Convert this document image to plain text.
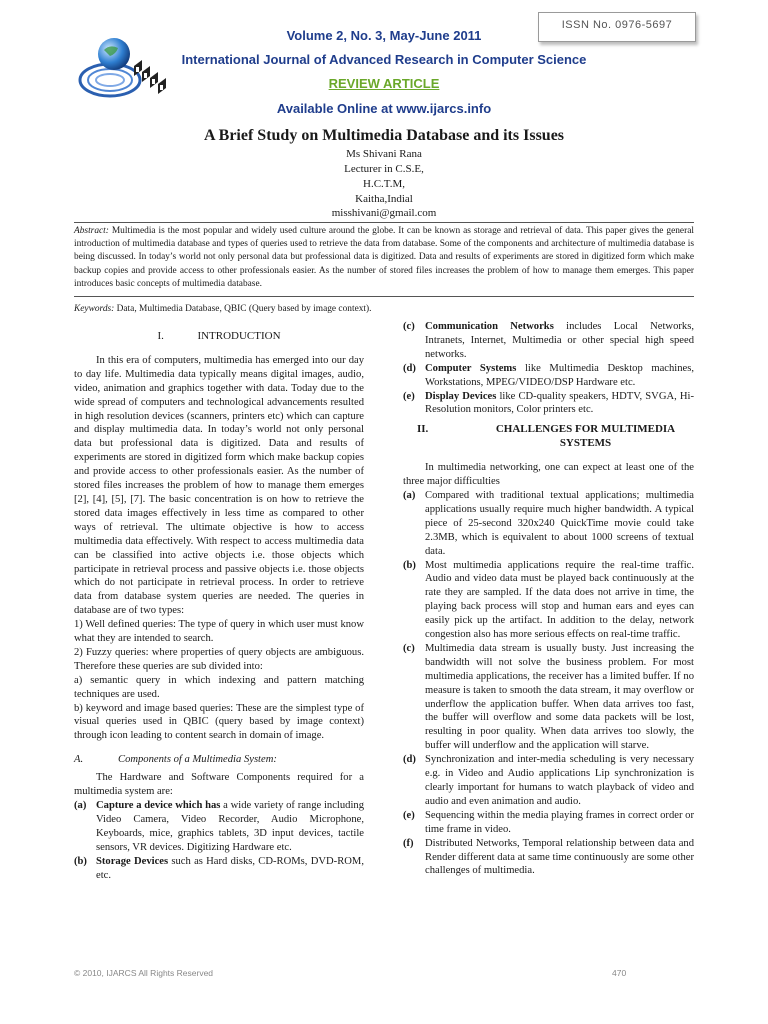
ISSN No. 0976-5697
Volume 2, No. 3, May-June 2011
International Journal of Advanced Research in Computer Science
REVIEW ARTICLE
Available Online at www.ijarcs.info
A Brief Study on Multimedia Database and its Issues
Ms Shivani Rana
Lecturer in C.S.E,
H.C.T.M,
Kaitha,Indial
misshivani@gmail.com
Abstract: Multimedia is the most popular and widely used culture around the globe. It can be known as storage and retrieval of data. This paper gives the general introduction of multimedia database and types of queries used to retrieve the data from database. Some of the components and architecture of multimedia database is being discussed. In today’s world not only personal data but professional data is digitized. Data and results of experiments are stored in digitized form which make backup copies and provide access to other professionals easier. As the number of stored files increases the problem of how to manage them emerges. This paper introduces basic concepts of multimedia database.
Keywords: Data, Multimedia Database, QBIC (Query based by image context).
I.	INTRODUCTION

In this era of computers, multimedia has emerged into our day to day life. Multimedia data typically means digital images, audio, video, animation and graphics together with data. Today due to the wide spread of computers and technological advancements resulted in high resolution devices (scanners, printers etc) which can capture and display multimedia data. In today’s world not only personal data but professional data is digitized. Data and results of experiments are stored in digitized form which make backup copies and provide access to other professionals easier. As the number of stored files increases the problem of how to manage them emerges [2], [4], [5], [7]. The basic concentration is on how to retrieve the stored data images effectively in less time as compared to other ways of retrieval. The ultimate objective is how to access multimedia data effectively. With respect to access multimedia data can be classified into active objects i.e. those objects which participate in retrieval process and passive objects i.e. those objects which do not participate in retrieval process. In order to retrieve data from database system queries are needed. The queries in database are of two types:

1) Well defined queries: The type of query in which user must know what they are intended to search.

2) Fuzzy queries: where properties of query objects are ambiguous. Therefore these queries are sub divided into:

a) semantic query in which indexing and pattern matching techniques are used.

b) keyword and image based queries: These are the simplest type of visual queries used in QBIC (query based by image context) through icon leading to content search in domain of image.

A.	Components of a Multimedia System:

The Hardware and Software Components required for a multimedia system are:

(a) Capture a device which has a wide variety of range including Video Camera, Video Recorder, Audio Microphone, Keyboards, mice, graphics tablets, 3D input devices, tactile sensors, VR devices. Digitizing Hardware etc.
(b) Storage Devices such as Hard disks, CD-ROMs, DVD-ROM, etc.
(c) Communication Networks includes Local Networks, Intranets, Internet, Multimedia or other special high speed networks.
(d) Computer Systems like Multimedia Desktop machines, Workstations, MPEG/VIDEO/DSP Hardware etc.
(e) Display Devices like CD-quality speakers, HDTV, SVGA, Hi-Resolution monitors, Color printers etc.
II.	CHALLENGES FOR MULTIMEDIA SYSTEMS

In multimedia networking, one can expect at least one of the three major difficulties

(a) Compared with traditional textual applications; multimedia applications usually require much higher bandwidth. A typical piece of 25-second 320x240 QuickTime movie could take 2.3MB, which is equivalent to about 1000 screens of textual data.
(b) Most multimedia applications require the real-time traffic. Audio and video data must be played back continuously at the rate they are sampled. If the data does not arrive in time, the playing back process will stop and human ears and eyes can easily pick up the artifact. In addition to the delay, network congestion also has more serious effects on real-time traffic.
(c) Multimedia data stream is usually busty. Just increasing the bandwidth will not solve the business problem. For most multimedia applications, the receiver has a limited buffer. If no measure is taken to smooth the data stream, it may overflow or underflow the application buffer. When data arrives too fast, the buffer will overflow and some data packets will be lost, resulting in poor quality. When data arrives too slowly, the buffer will underflow and the application will starve.
(d) Synchronization and inter-media scheduling is very necessary e.g. in Video and Audio applications Lip synchronization is clearly important for humans to watch playback of video and audio and even animation and audio.
(e) Sequencing within the media playing frames in correct order or time frame in video.
(f)	Distributed Networks, Temporal relationship between data and Render different data at same time continuously are some other challenges of multimedia.
© 2010, IJARCS All Rights Reserved	470
